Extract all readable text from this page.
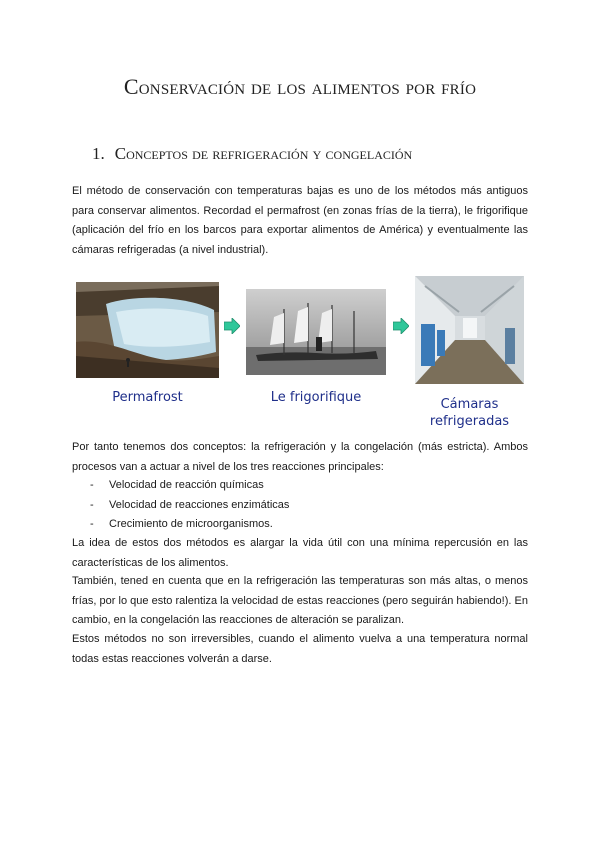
Conservación de los alimentos por frío
1. Conceptos de refrigeración y congelación

El método de conservación con temperaturas bajas es uno de los métodos más antiguos para conservar alimentos. Recordad el permafrost (en zonas frías de la tierra), le frigorifique (aplicación del frío en los barcos para exportar alimentos de América) y eventualmente las cámaras refrigeradas (a nivel industrial).

Permafrost	Le frigorifique	Cámaras refrigeradas

Por tanto tenemos dos conceptos: la refrigeración y la congelación (más estricta). Ambos procesos van a actuar a nivel de los tres reacciones principales:

- Velocidad de reacción químicas
- Velocidad de reacciones enzimáticas
- Crecimiento de microorganismos.

La idea de estos dos métodos es alargar la vida útil con una mínima repercusión en las características de los alimentos.

También, tened en cuenta que en la refrigeración las temperaturas son más altas, o menos frías, por lo que esto ralentiza la velocidad de estas reacciones (pero seguirán habiendo!). En cambio, en la congelación las reacciones de alteración se paralizan.

Estos métodos no son irreversibles, cuando el alimento vuelva a una temperatura normal todas estas reacciones volverán a darse.
